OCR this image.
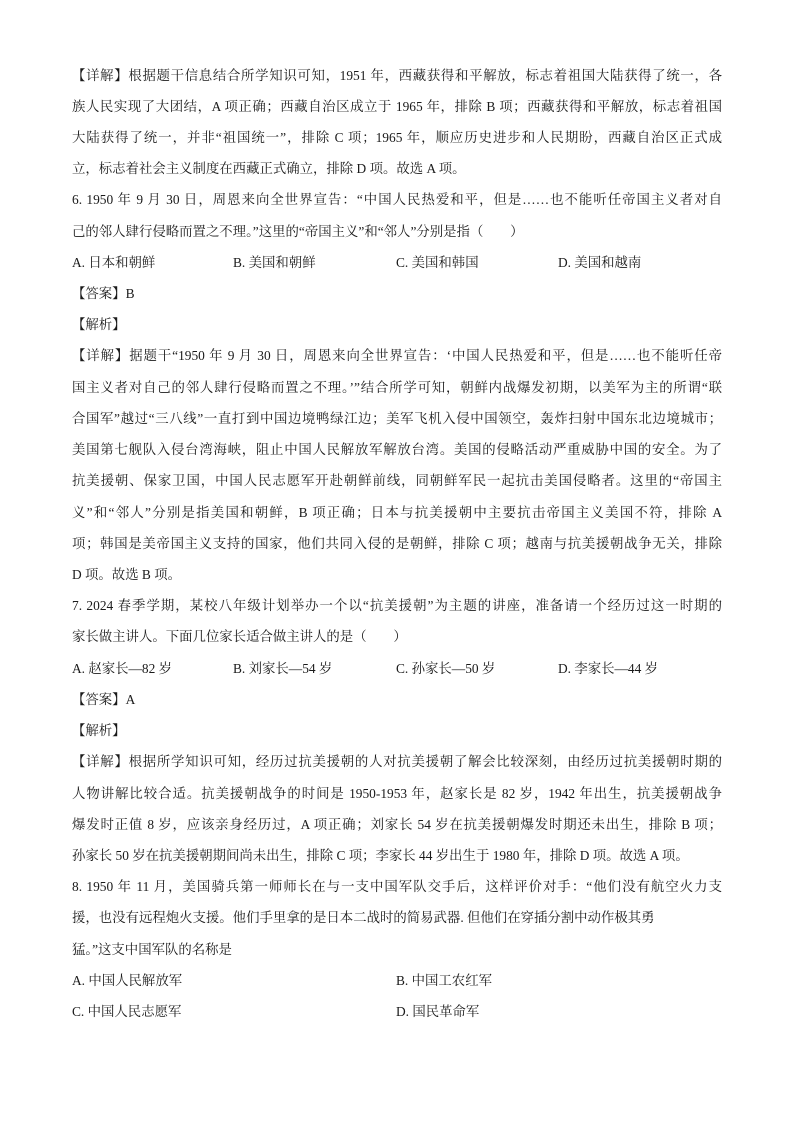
【详解】根据题干信息结合所学知识可知，1951 年，西藏获得和平解放，标志着祖国大陆获得了统一，各
族人民实现了大团结，A 项正确；西藏自治区成立于 1965 年，排除 B 项；西藏获得和平解放，标志着祖国
大陆获得了统一，并非“祖国统一”，排除 C 项；1965 年，顺应历史进步和人民期盼，西藏自治区正式成
立，标志着社会主义制度在西藏正式确立，排除 D 项。故选 A 项。
6. 1950 年 9 月 30 日，周恩来向全世界宣告：“中国人民热爱和平，但是……也不能听任帝国主义者对自
己的邻人肆行侵略而置之不理。”这里的“帝国主义”和“邻人”分别是指（　　）
A. 日本和朝鲜	B. 美国和朝鲜	C. 美国和韩国	D. 美国和越南
【答案】B
【解析】
【详解】据题干“1950 年 9 月 30 日，周恩来向全世界宣告：‘中国人民热爱和平，但是……也不能听任帝
国主义者对自己的邻人肆行侵略而置之不理。’”结合所学可知，朝鲜内战爆发初期，以美军为主的所谓“联
合国军”越过“三八线”一直打到中国边境鸭绿江边；美军飞机入侵中国领空，轰炸扫射中国东北边境城市；
美国第七舰队入侵台湾海峡，阻止中国人民解放军解放台湾。美国的侵略活动严重威胁中国的安全。为了
抗美援朝、保家卫国，中国人民志愿军开赴朝鲜前线，同朝鲜军民一起抗击美国侵略者。这里的“帝国主
义”和“邻人”分别是指美国和朝鲜，B 项正确；日本与抗美援朝中主要抗击帝国主义美国不符，排除 A
项；韩国是美帝国主义支持的国家，他们共同入侵的是朝鲜，排除 C 项；越南与抗美援朝战争无关，排除
D 项。故选 B 项。
7. 2024 春季学期，某校八年级计划举办一个以“抗美援朝”为主题的讲座，准备请一个经历过这一时期的
家长做主讲人。下面几位家长适合做主讲人的是（　　）
A. 赵家长—82 岁	B. 刘家长—54 岁	C. 孙家长—50 岁	D. 李家长—44 岁
【答案】A
【解析】
【详解】根据所学知识可知，经历过抗美援朝的人对抗美援朝了解会比较深刻，由经历过抗美援朝时期的
人物讲解比较合适。抗美援朝战争的时间是 1950-1953 年，赵家长是 82 岁，1942 年出生，抗美援朝战争
爆发时正值 8 岁，应该亲身经历过，A 项正确；刘家长 54 岁在抗美援朝爆发时期还未出生，排除 B 项；
孙家长 50 岁在抗美援朝期间尚未出生，排除 C 项；李家长 44 岁出生于 1980 年，排除 D 项。故选 A 项。
8. 1950 年 11 月，美国骑兵第一师师长在与一支中国军队交手后，这样评价对手：“他们没有航空火力支
援，也没有远程炮火支援。他们手里拿的是日本二战时的简易武器. 但他们在穿插分割中动作极其勇
猛。”这支中国军队的名称是
A. 中国人民解放军	B. 中国工农红军
C. 中国人民志愿军	D. 国民革命军
